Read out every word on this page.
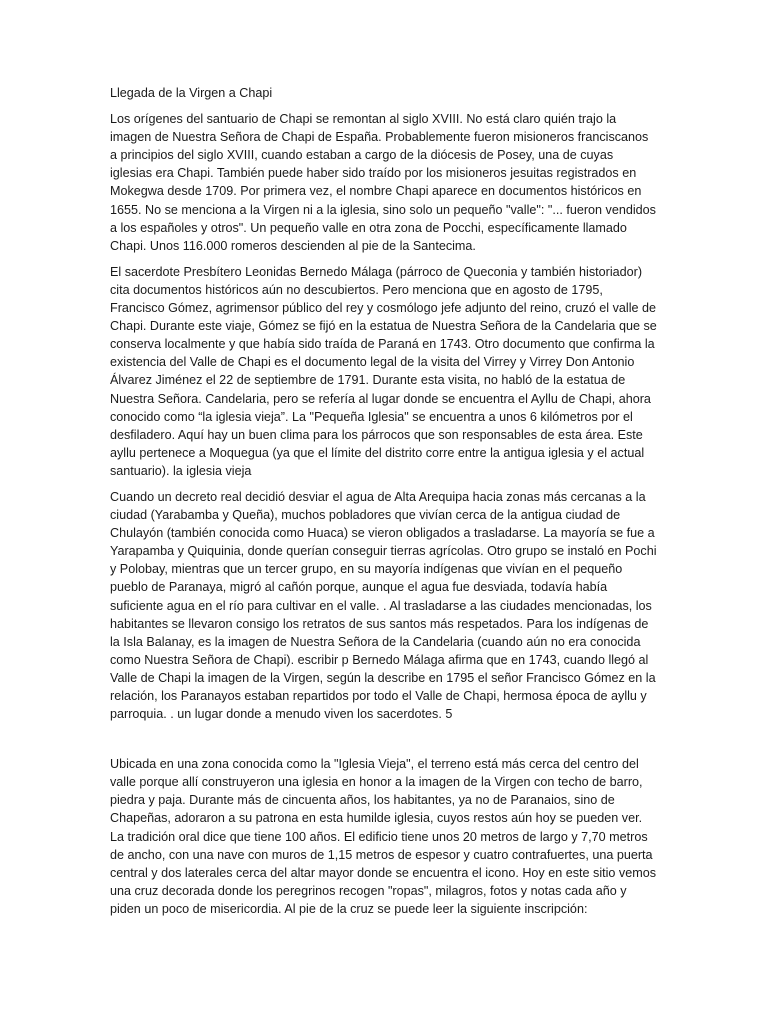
Llegada de la Virgen a Chapi

Los orígenes del santuario de Chapi se remontan al siglo XVIII. No está claro quién trajo la imagen de Nuestra Señora de Chapi de España. Probablemente fueron misioneros franciscanos a principios del siglo XVIII, cuando estaban a cargo de la diócesis de Posey, una de cuyas iglesias era Chapi. También puede haber sido traído por los misioneros jesuitas registrados en Mokegwa desde 1709. Por primera vez, el nombre Chapi aparece en documentos históricos en 1655. No se menciona a la Virgen ni a la iglesia, sino solo un pequeño "valle": "... fueron vendidos a los españoles y otros". Un pequeño valle en otra zona de Pocchi, específicamente llamado Chapi. Unos 116.000 romeros descienden al pie de la Santecima.

El sacerdote Presbítero Leonidas Bernedo Málaga (párroco de Queconia y también historiador) cita documentos históricos aún no descubiertos. Pero menciona que en agosto de 1795, Francisco Gómez, agrimensor público del rey y cosmólogo jefe adjunto del reino, cruzó el valle de Chapi. Durante este viaje, Gómez se fijó en la estatua de Nuestra Señora de la Candelaria que se conserva localmente y que había sido traída de Paraná en 1743. Otro documento que confirma la existencia del Valle de Chapi es el documento legal de la visita del Virrey y Virrey Don Antonio Álvarez Jiménez el 22 de septiembre de 1791. Durante esta visita, no habló de la estatua de Nuestra Señora. Candelaria, pero se refería al lugar donde se encuentra el Ayllu de Chapi, ahora conocido como “la iglesia vieja”. La "Pequeña Iglesia" se encuentra a unos 6 kilómetros por el desfiladero. Aquí hay un buen clima para los párrocos que son responsables de esta área. Este ayllu pertenece a Moquegua (ya que el límite del distrito corre entre la antigua iglesia y el actual santuario). la iglesia vieja

Cuando un decreto real decidió desviar el agua de Alta Arequipa hacia zonas más cercanas a la ciudad (Yarabamba y Queña), muchos pobladores que vivían cerca de la antigua ciudad de Chulayón (también conocida como Huaca) se vieron obligados a trasladarse. La mayoría se fue a Yarapamba y Quiquinia, donde querían conseguir tierras agrícolas. Otro grupo se instaló en Pochi y Polobay, mientras que un tercer grupo, en su mayoría indígenas que vivían en el pequeño pueblo de Paranaya, migró al cañón porque, aunque el agua fue desviada, todavía había suficiente agua en el río para cultivar en el valle. . Al trasladarse a las ciudades mencionadas, los habitantes se llevaron consigo los retratos de sus santos más respetados. Para los indígenas de la Isla Balanay, es la imagen de Nuestra Señora de la Candelaria (cuando aún no era conocida como Nuestra Señora de Chapi). escribir p Bernedo Málaga afirma que en 1743, cuando llegó al Valle de Chapi la imagen de la Virgen, según la describe en 1795 el señor Francisco Gómez en la relación, los Paranayos estaban repartidos por todo el Valle de Chapi, hermosa época de ayllu y parroquia. . un lugar donde a menudo viven los sacerdotes. 5

Ubicada en una zona conocida como la "Iglesia Vieja", el terreno está más cerca del centro del valle porque allí construyeron una iglesia en honor a la imagen de la Virgen con techo de barro, piedra y paja. Durante más de cincuenta años, los habitantes, ya no de Paranaios, sino de Chapeñas, adoraron a su patrona en esta humilde iglesia, cuyos restos aún hoy se pueden ver. La tradición oral dice que tiene 100 años. El edificio tiene unos 20 metros de largo y 7,70 metros de ancho, con una nave con muros de 1,15 metros de espesor y cuatro contrafuertes, una puerta central y dos laterales cerca del altar mayor donde se encuentra el icono. Hoy en este sitio vemos una cruz decorada donde los peregrinos recogen "ropas", milagros, fotos y notas cada año y piden un poco de misericordia. Al pie de la cruz se puede leer la siguiente inscripción:
